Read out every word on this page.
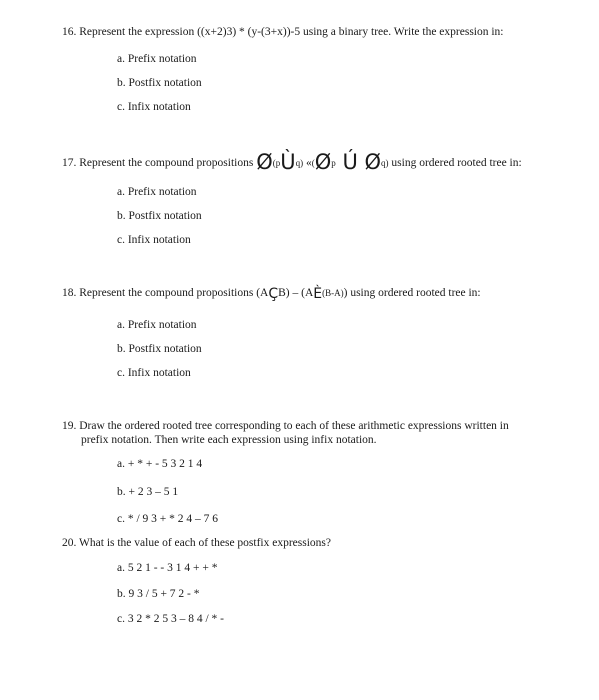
16. Represent the expression ((x+2)3) * (y-(3+x))-5 using a binary tree. Write the expression in:
a. Prefix notation
b. Postfix notation
c. Infix notation
17. Represent the compound propositions Ø(pÙq) «(Øp Ú Øq) using ordered rooted tree in:
a. Prefix notation
b. Postfix notation
c. Infix notation
18. Represent the compound propositions (AÇB) – (AÈ(B-A)) using ordered rooted tree in:
a. Prefix notation
b. Postfix notation
c. Infix notation
19. Draw the ordered rooted tree corresponding to each of these arithmetic expressions written in
prefix notation. Then write each expression using infix notation.
a. + * + - 5 3 2 1 4
b. + 2 3 – 5 1
c. * / 9 3 + * 2 4 – 7 6
20. What is the value of each of these postfix expressions?
a. 5 2 1 - - 3 1 4 + + *
b. 9 3 / 5 + 7 2 - *
c. 3 2 * 2 5 3 – 8 4 / * -
